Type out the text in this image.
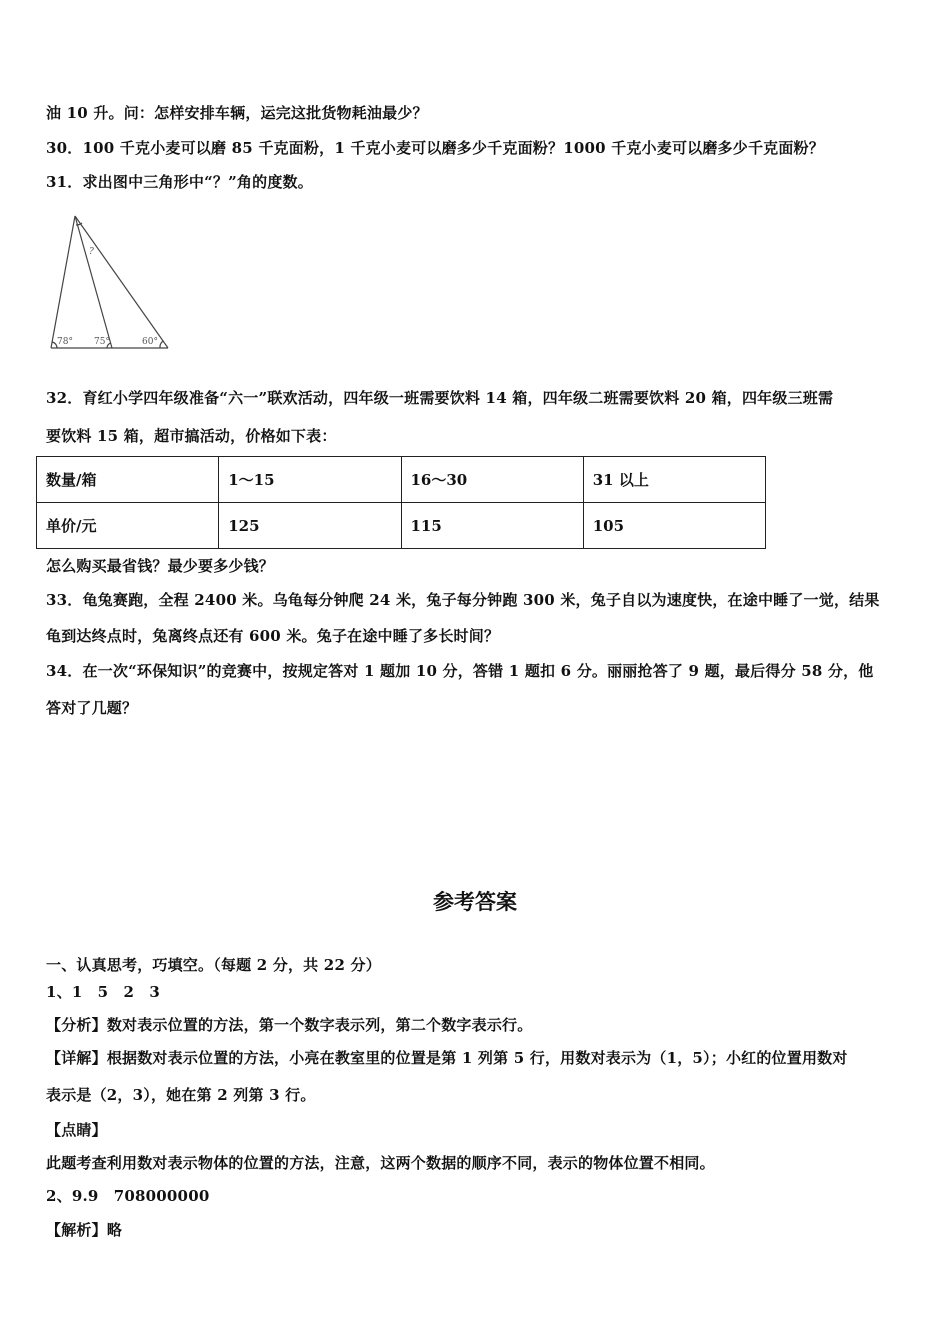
油 10 升。问：怎样安排车辆，运完这批货物耗油最少？
30．100 千克小麦可以磨 85 千克面粉，1 千克小麦可以磨多少千克面粉？1000 千克小麦可以磨多少千克面粉？
31．求出图中三角形中“？”角的度数。
78° 75°	60°
?
32．育红小学四年级准备“六一”联欢活动，四年级一班需要饮料 14 箱，四年级二班需要饮料 20 箱，四年级三班需
要饮料 15 箱，超市搞活动，价格如下表：
数量/箱	1～15	16～30	31 以上
单价/元	125	115	105
怎么购买最省钱？最少要多少钱？
33．龟兔赛跑，全程 2400 米。乌龟每分钟爬 24 米，兔子每分钟跑 300 米，兔子自以为速度快，在途中睡了一觉，结果
龟到达终点时，兔离终点还有 600 米。兔子在途中睡了多长时间？
34．在一次“环保知识”的竞赛中，按规定答对 1 题加 10 分，答错 1 题扣 6 分。丽丽抢答了 9 题，最后得分 58 分，他
答对了几题？
参考答案
一、认真思考，巧填空。（每题 2 分，共 22 分）
1、1　5　2　3
【分析】数对表示位置的方法，第一个数字表示列，第二个数字表示行。
【详解】根据数对表示位置的方法，小亮在教室里的位置是第 1 列第 5 行，用数对表示为（1，5）；小红的位置用数对
表示是（2，3），她在第 2 列第 3 行。
【点睛】
此题考查利用数对表示物体的位置的方法，注意，这两个数据的顺序不同，表示的物体位置不相同。
2、9.9　708000000
【解析】略
